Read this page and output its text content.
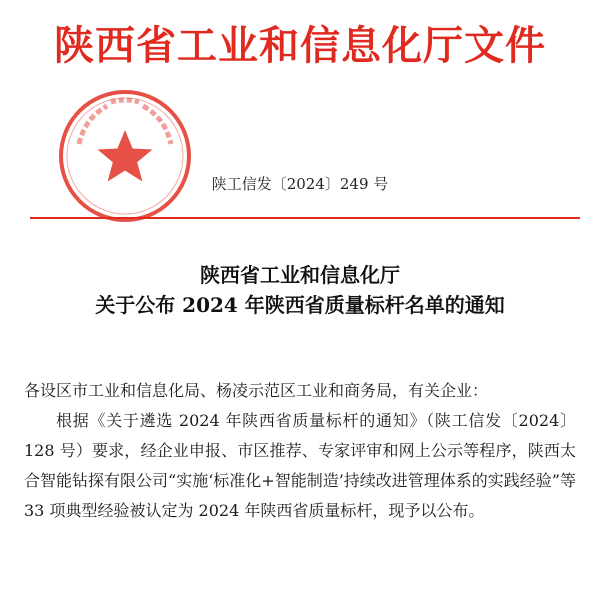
陕西省工业和信息化厅文件
陕工信发〔2024〕249 号
陕西省工业和信息化厅
关于公布 2024 年陕西省质量标杆名单的通知

各设区市工业和信息化局、杨凌示范区工业和商务局，有关企业：

根据《关于遴选 2024 年陕西省质量标杆的通知》（陕工信发〔2024〕128 号）要求，经企业申报、市区推荐、专家评审和网上公示等程序，陕西太合智能钻探有限公司“实施‘标准化+智能制造’持续改进管理体系的实践经验”等 33 项典型经验被认定为 2024 年陕西省质量标杆，现予以公布。
